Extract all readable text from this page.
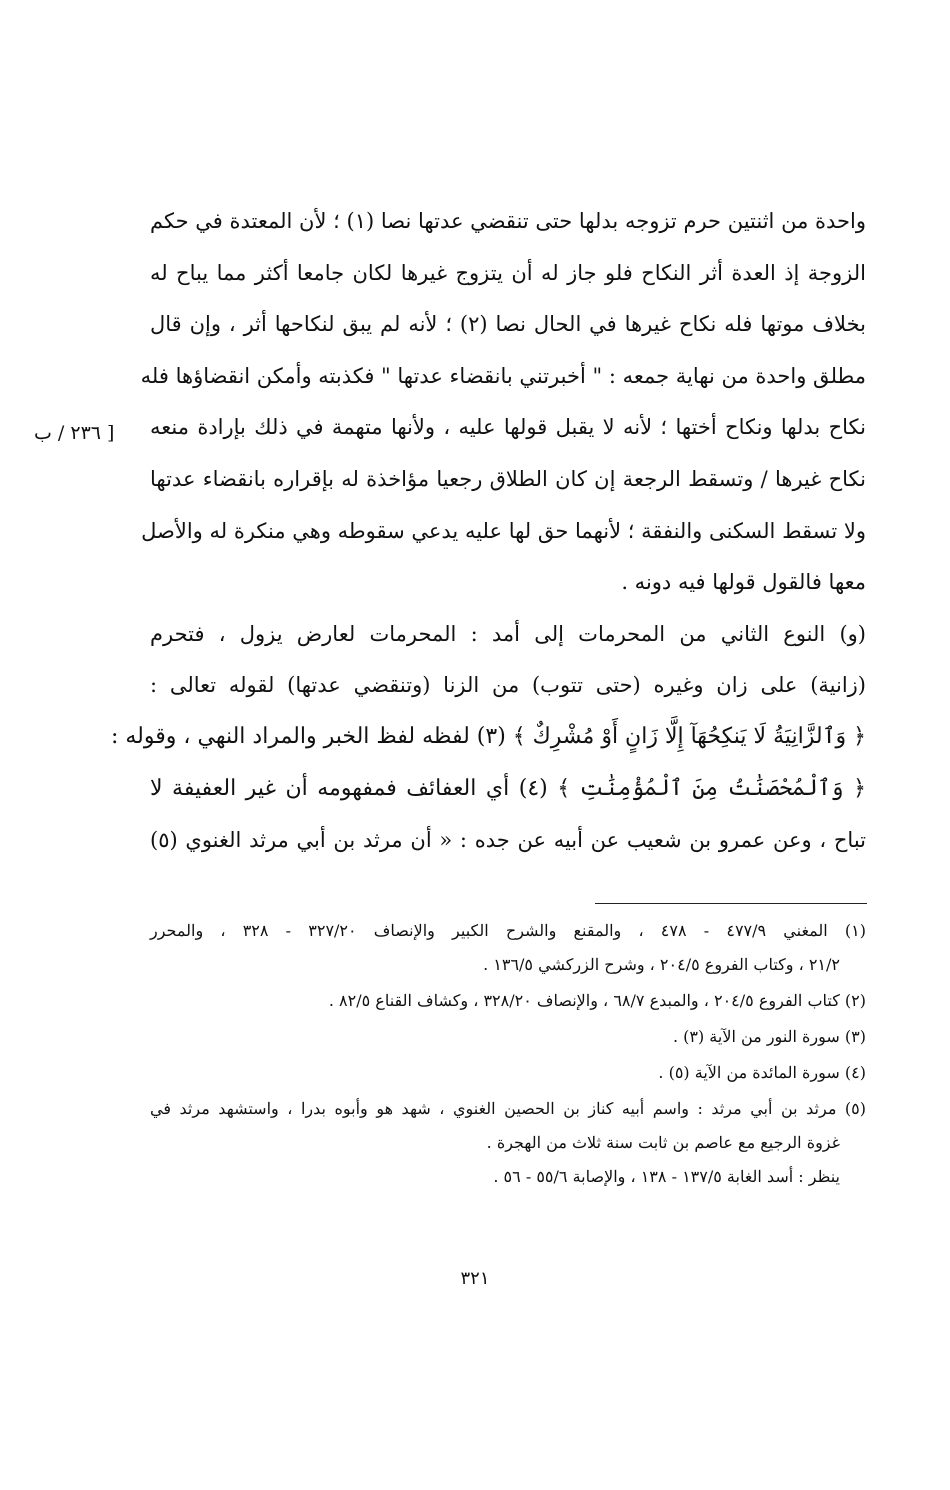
[ ٢٣٦ / ب
واحدة من اثنتين حرم تزوجه بدلها حتى تنقضي عدتها نصا (١) ؛ لأن المعتدة في حكم
الزوجة إذ العدة أثر النكاح فلو جاز له أن يتزوج غيرها لكان جامعا أكثر مما يباح له
بخلاف موتها فله نكاح غيرها في الحال نصا (٢) ؛ لأنه لم يبق لنكاحها أثر ، وإن قال
مطلق واحدة من نهاية جمعه : " أخبرتني بانقضاء عدتها " فكذبته وأمكن انقضاؤها فله
نكاح بدلها ونكاح أختها ؛ لأنه لا يقبل قولها عليه ، ولأنها متهمة في ذلك بإرادة منعه
نكاح غيرها / وتسقط الرجعة إن كان الطلاق رجعيا مؤاخذة له بإقراره بانقضاء عدتها
ولا تسقط السكنى والنفقة ؛ لأنهما حق لها عليه يدعي سقوطه وهي منكرة له والأصل
معها فالقول قولها فيه دونه .
(و) النوع الثاني من المحرمات إلى أمد : المحرمات لعارض يزول ، فتحرم
(زانية) على زان وغيره (حتى تتوب) من الزنا (وتنقضي عدتها) لقوله تعالى :
﴿ وَٱلزَّانِيَةُ لَا يَنكِحُهَآ إِلَّا زَانٍ أَوْ مُشْرِكٌ ﴾ (٣) لفظه لفظ الخبر والمراد النهي ، وقوله :
﴿ وَٱلْمُحْصَنَٰتُ مِنَ ٱلْمُؤْمِنَٰتِ ﴾ (٤) أي العفائف فمفهومه أن غير العفيفة لا
تباح ، وعن عمرو بن شعيب عن أبيه عن جده : « أن مرثد بن أبي مرثد الغنوي (٥)
(١) المغني ٤٧٧/٩ - ٤٧٨ ، والمقنع والشرح الكبير والإنصاف ٣٢٧/٢٠ - ٣٢٨ ، والمحرر
٢١/٢ ، وكتاب الفروع ٢٠٤/٥ ، وشرح الزركشي ١٣٦/٥ .
(٢) كتاب الفروع ٢٠٤/٥ ، والمبدع ٦٨/٧ ، والإنصاف ٣٢٨/٢٠ ، وكشاف القناع ٨٢/٥ .
(٣) سورة النور من الآية (٣) .
(٤) سورة المائدة من الآية (٥) .
(٥) مرثد بن أبي مرثد : واسم أبيه كناز بن الحصين الغنوي ، شهد هو وأبوه بدرا ، واستشهد مرثد في
غزوة الرجيع مع عاصم بن ثابت سنة ثلاث من الهجرة .
ينظر : أسد الغابة ١٣٧/٥ - ١٣٨ ، والإصابة ٥٥/٦ - ٥٦ .
٣٢١
